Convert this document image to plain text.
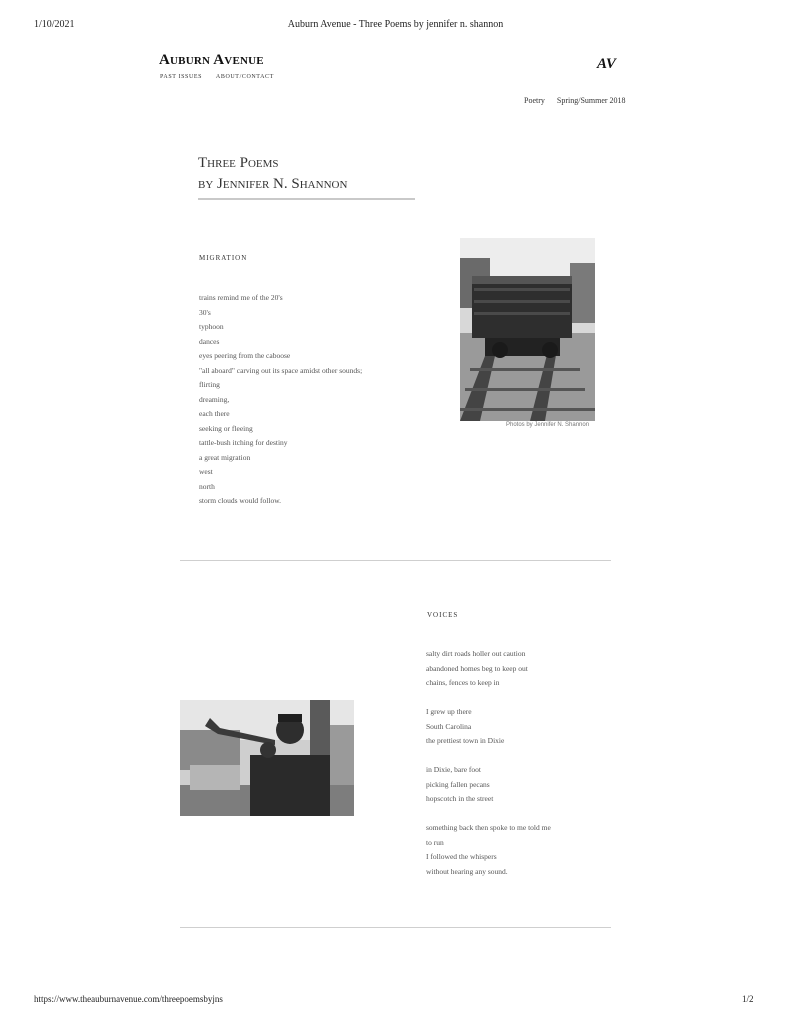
1/10/2021	Auburn Avenue - Three Poems by jennifer n. shannon
Auburn Avenue
PAST ISSUES ABOUT/CONTACT
AV
Poetry Spring/Summer 2018
Three Poems
by Jennifer N. Shannon
migration
trains remind me of the 20's
30's
typhoon
dances
eyes peering from the caboose
"all aboard" carving out its space amidst other sounds;
flirting
dreaming,
each there
seeking or fleeing
tattle-bush itching for destiny
a great migration
west
north
storm clouds would follow.
Photos by Jennifer N. Shannon
voices
salty dirt roads holler out caution
abandoned homes beg to keep out
chains, fences to keep in
I grew up there
South Carolina
the prettiest town in Dixie
in Dixie, bare foot
picking fallen pecans
hopscotch in the street
something back then spoke to me told me
to run
I followed the whispers
without hearing any sound.
https://www.theauburnavenue.com/threepoemsbyjns	1/2
